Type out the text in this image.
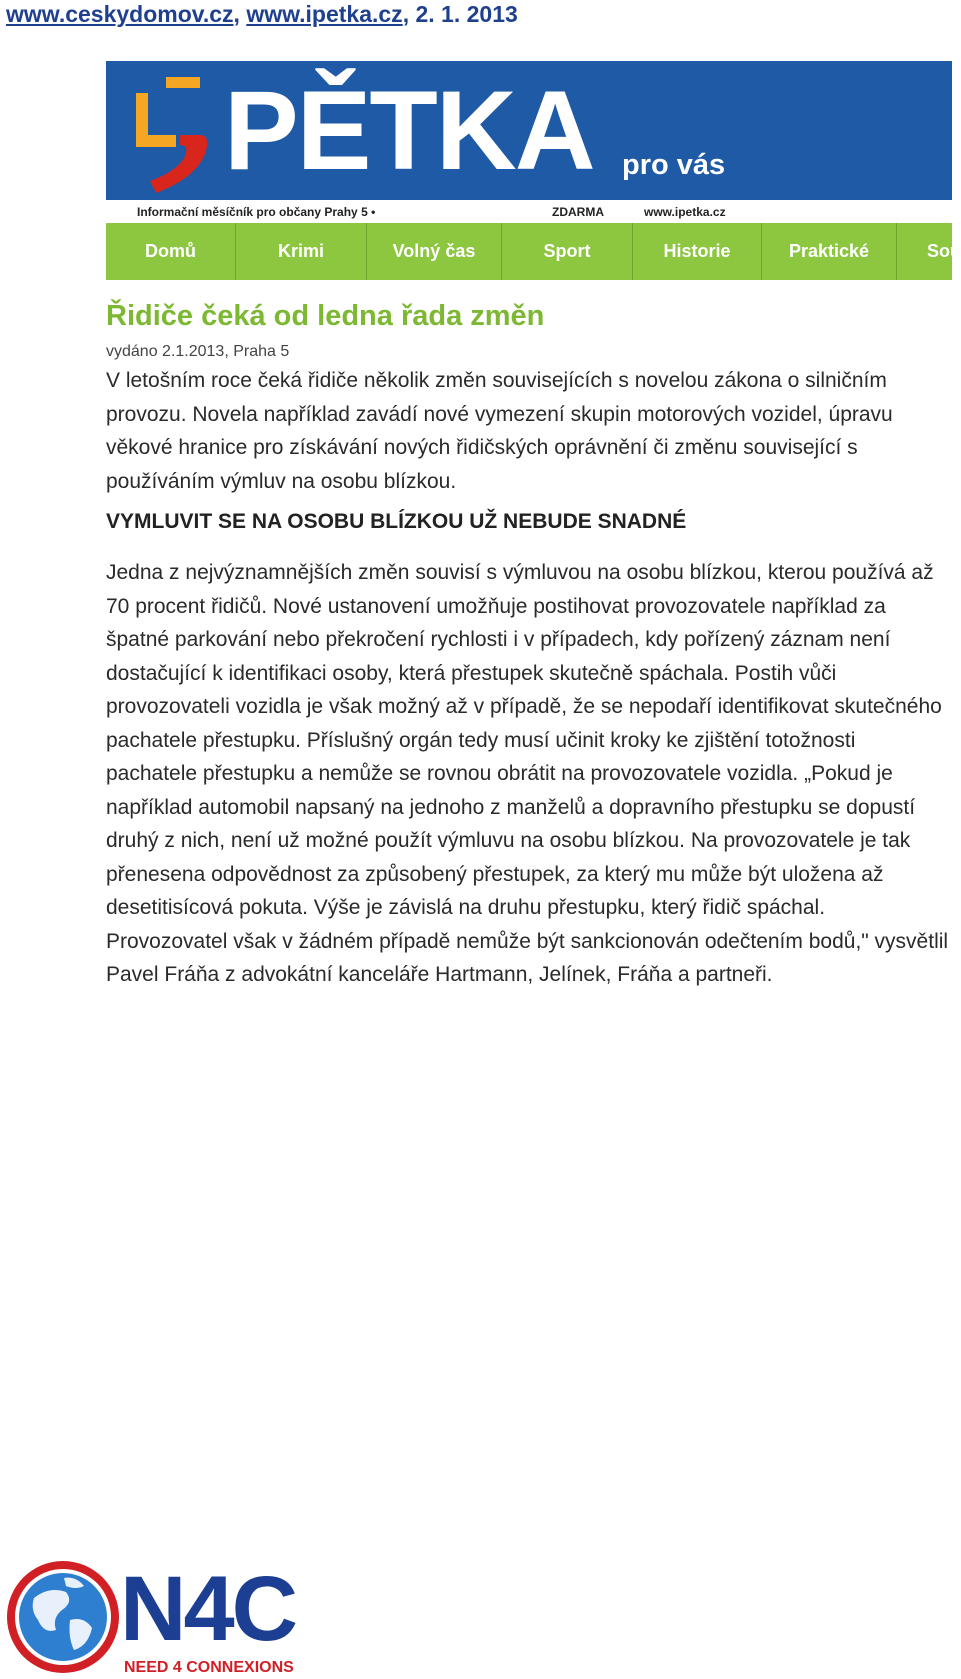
www.ceskydomov.cz, www.ipetka.cz, 2. 1. 2013
PĚTKA pro vás
Informační měsíčník pro občany Prahy 5 •	ZDARMA	www.ipetka.cz
Domů	Krimi	Volný čas	Sport	Historie	Praktické	Sou
Řidiče čeká od ledna řada změn
vydáno 2.1.2013, Praha 5

V letošním roce čeká řidiče několik změn souvisejících s novelou zákona o silničním provozu. Novela například zavádí nové vymezení skupin motorových vozidel, úpravu věkové hranice pro získávání nových řidičských oprávnění či změnu související s používáním výmluv na osobu blízkou.

VYMLUVIT SE NA OSOBU BLÍZKOU UŽ NEBUDE SNADNÉ

Jedna z nejvýznamnějších změn souvisí s výmluvou na osobu blízkou, kterou používá až 70 procent řidičů. Nové ustanovení umožňuje postihovat provozovatele například za špatné parkování nebo překročení rychlosti i v případech, kdy pořízený záznam není dostačující k identifikaci osoby, která přestupek skutečně spáchala. Postih vůči provozovateli vozidla je však možný až v případě, že se nepodaří identifikovat skutečného pachatele přestupku. Příslušný orgán tedy musí učinit kroky ke zjištění totožnosti pachatele přestupku a nemůže se rovnou obrátit na provozovatele vozidla. „Pokud je například automobil napsaný na jednoho z manželů a dopravního přestupku se dopustí druhý z nich, není už možné použít výmluvu na osobu blízkou. Na provozovatele je tak přenesena odpovědnost za způsobený přestupek, za který mu může být uložena až desetitisícová pokuta. Výše je závislá na druhu přestupku, který řidič spáchal. Provozovatel však v žádném případě nemůže být sankcionován odečtením bodů," vysvětlil Pavel Fráňa z advokátní kanceláře Hartmann, Jelínek, Fráňa a partneři.

N4C
NEED 4 CONNEXIONS
